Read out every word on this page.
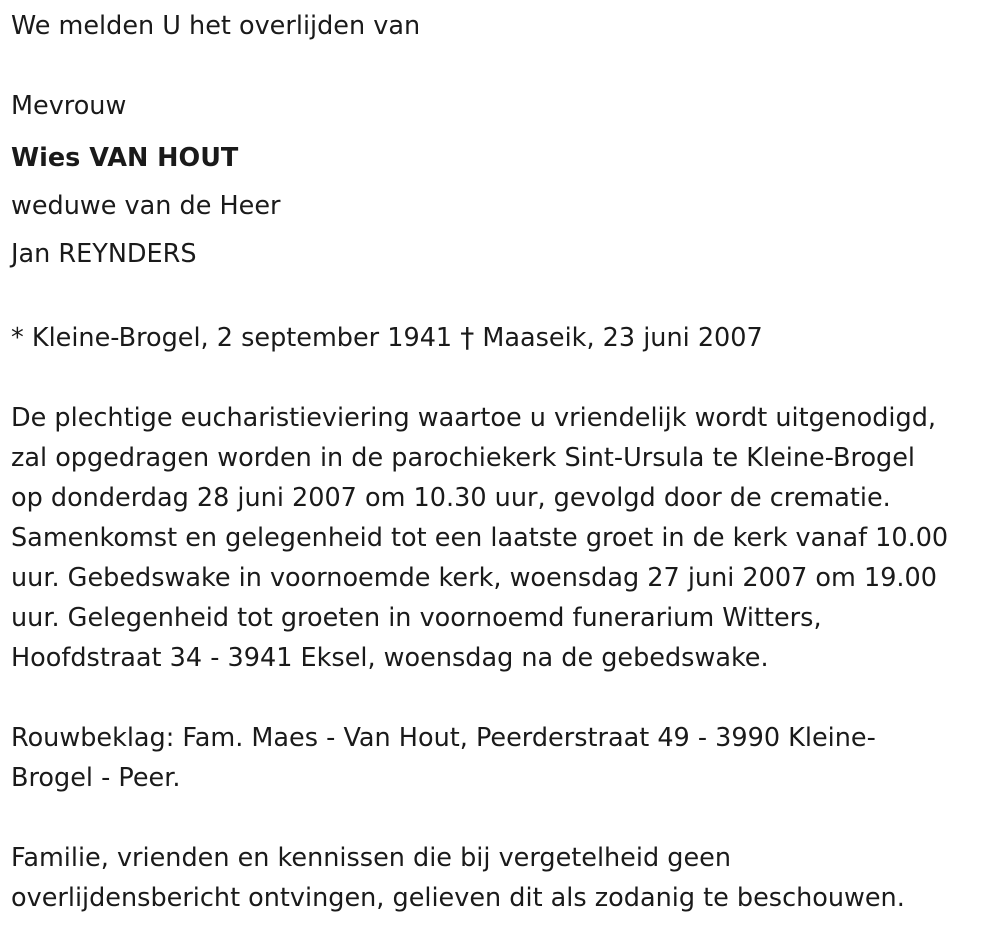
We melden U het overlijden van

Mevrouw

Wies VAN HOUT

weduwe van de Heer

Jan REYNDERS

* Kleine-Brogel, 2 september 1941 † Maaseik, 23 juni 2007

De plechtige eucharistieviering waartoe u vriendelijk wordt uitgenodigd,

zal opgedragen worden in de parochiekerk Sint-Ursula te Kleine-Brogel

op donderdag 28 juni 2007 om 10.30 uur, gevolgd door de crematie.

Samenkomst en gelegenheid tot een laatste groet in de kerk vanaf 10.00

uur. Gebedswake in voornoemde kerk, woensdag 27 juni 2007 om 19.00

uur. Gelegenheid tot groeten in voornoemd funerarium Witters,

Hoofdstraat 34 - 3941 Eksel, woensdag na de gebedswake.

Rouwbeklag: Fam. Maes - Van Hout, Peerderstraat 49 - 3990 Kleine-

Brogel - Peer.

Familie, vrienden en kennissen die bij vergetelheid geen

overlijdensbericht ontvingen, gelieven dit als zodanig te beschouwen.
